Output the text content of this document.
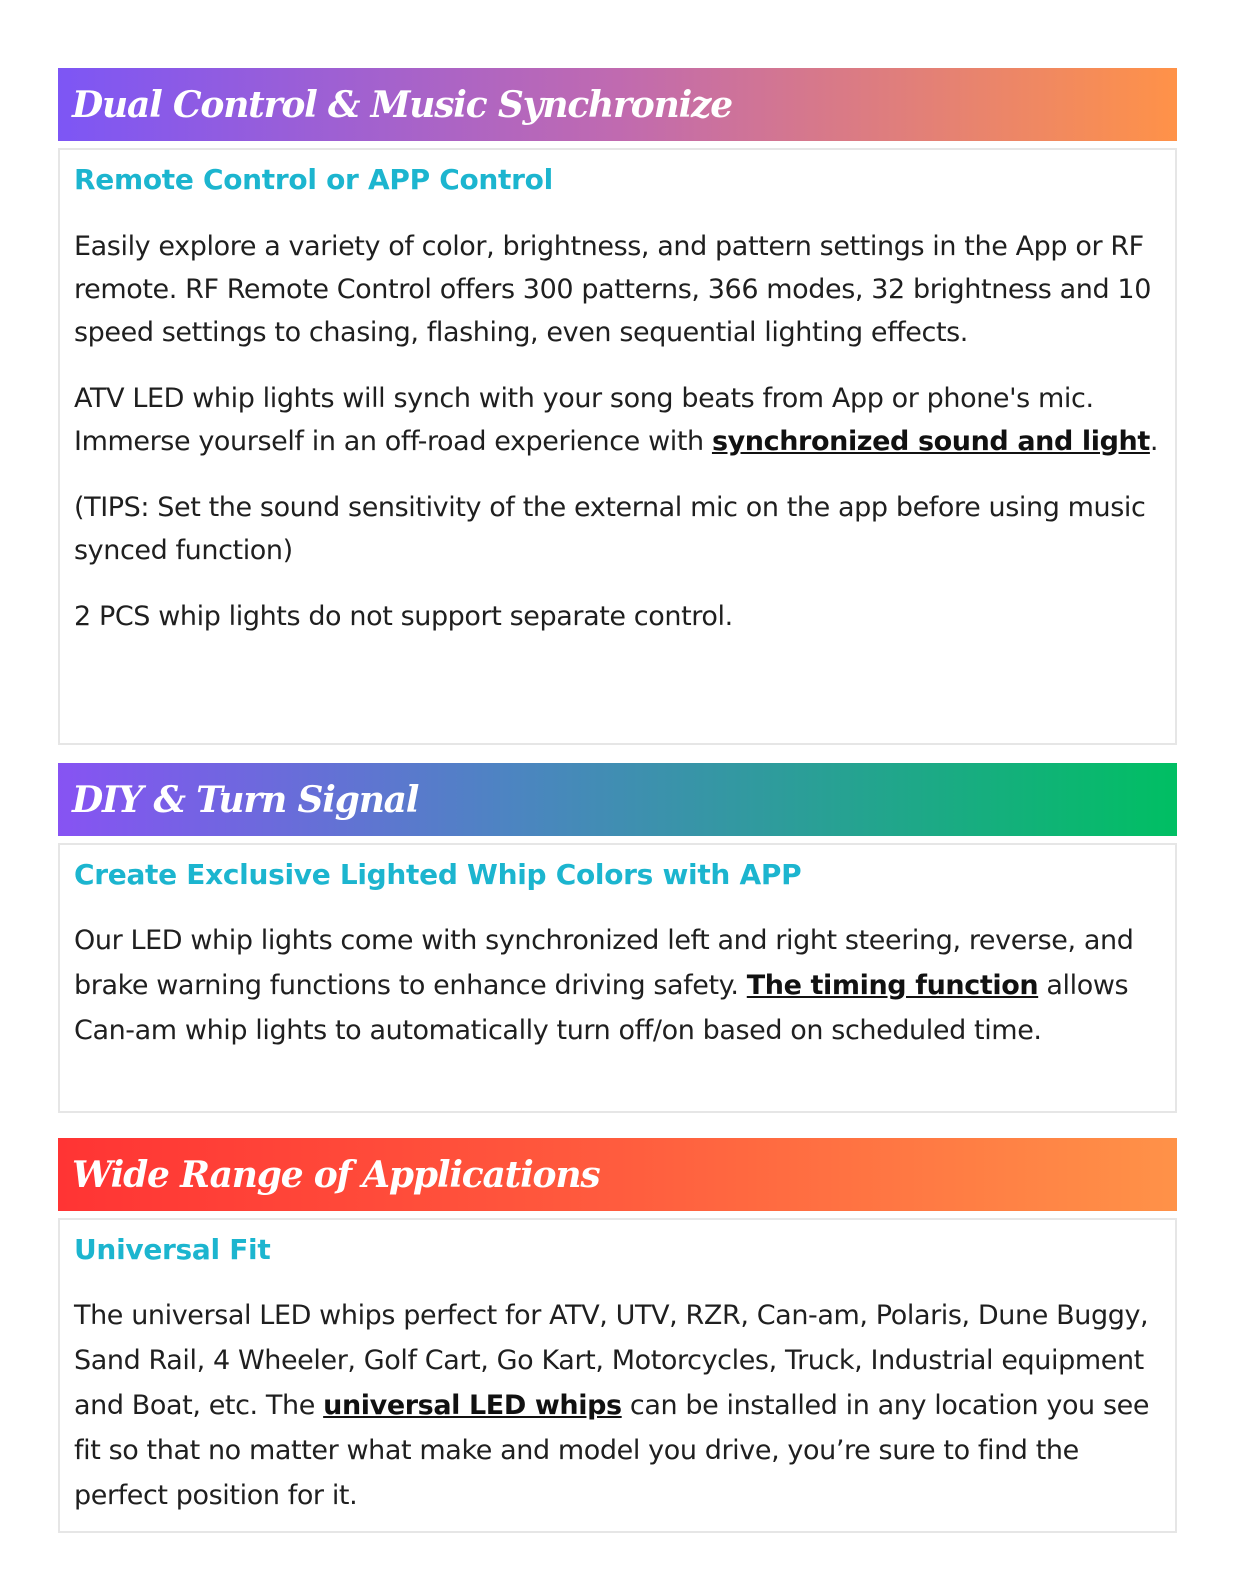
Dual Control & Music Synchronize

Remote Control or APP Control

Easily explore a variety of color, brightness, and pattern settings in the App or RF remote. RF Remote Control offers 300 patterns, 366 modes, 32 brightness and 10 speed settings to chasing, flashing, even sequential lighting effects.

ATV LED whip lights will synch with your song beats from App or phone's mic. Immerse yourself in an off-road experience with synchronized sound and light.

(TIPS: Set the sound sensitivity of the external mic on the app before using music synced function)

2 PCS whip lights do not support separate control.

DIY & Turn Signal

Create Exclusive Lighted Whip Colors with APP

Our LED whip lights come with synchronized left and right steering, reverse, and brake warning functions to enhance driving safety. The timing function allows Can-am whip lights to automatically turn off/on based on scheduled time.

Wide Range of Applications

Universal Fit

The universal LED whips perfect for ATV, UTV, RZR, Can-am, Polaris, Dune Buggy, Sand Rail, 4 Wheeler, Golf Cart, Go Kart, Motorcycles, Truck, Industrial equipment and Boat, etc. The universal LED whips can be installed in any location you see fit so that no matter what make and model you drive, you’re sure to find the perfect position for it.
